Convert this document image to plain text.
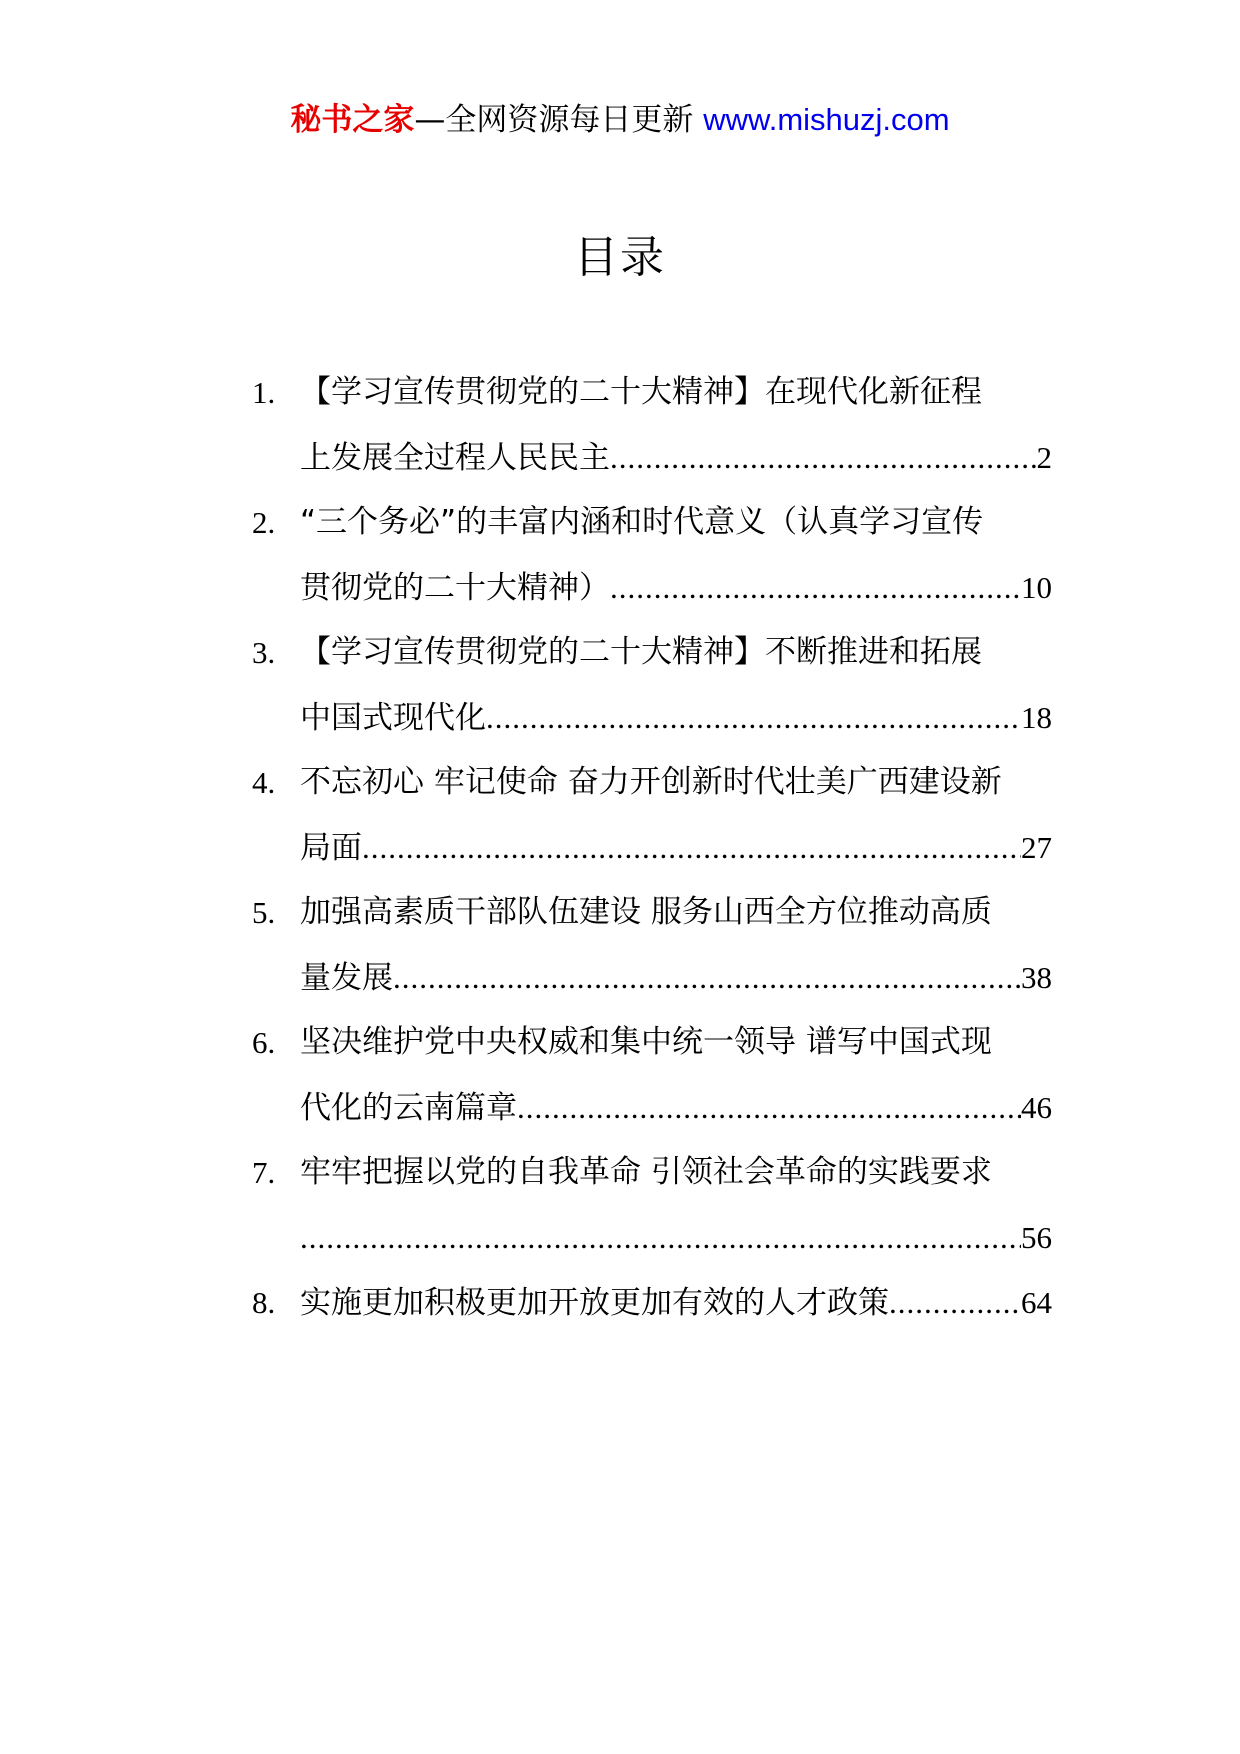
秘书之家—全网资源每日更新 www.mishuzj.com
目录
1. 【学习宣传贯彻党的二十大精神】在现代化新征程
上发展全过程人民民主 .....	2
2. “三个务必”的丰富内涵和时代意义（认真学习宣传
贯彻党的二十大精神） .....	10
3. 【学习宣传贯彻党的二十大精神】不断推进和拓展
中国式现代化 .....	18
4. 不忘初心 牢记使命 奋力开创新时代壮美广西建设新
局面 .....	27
5. 加强高素质干部队伍建设 服务山西全方位推动高质
量发展 .....	38
6. 坚决维护党中央权威和集中统一领导 谱写中国式现
代化的云南篇章 .....	46
7. 牢牢把握以党的自我革命 引领社会革命的实践要求
.....
56
8. 实施更加积极更加开放更加有效的人才政策 .....	64
